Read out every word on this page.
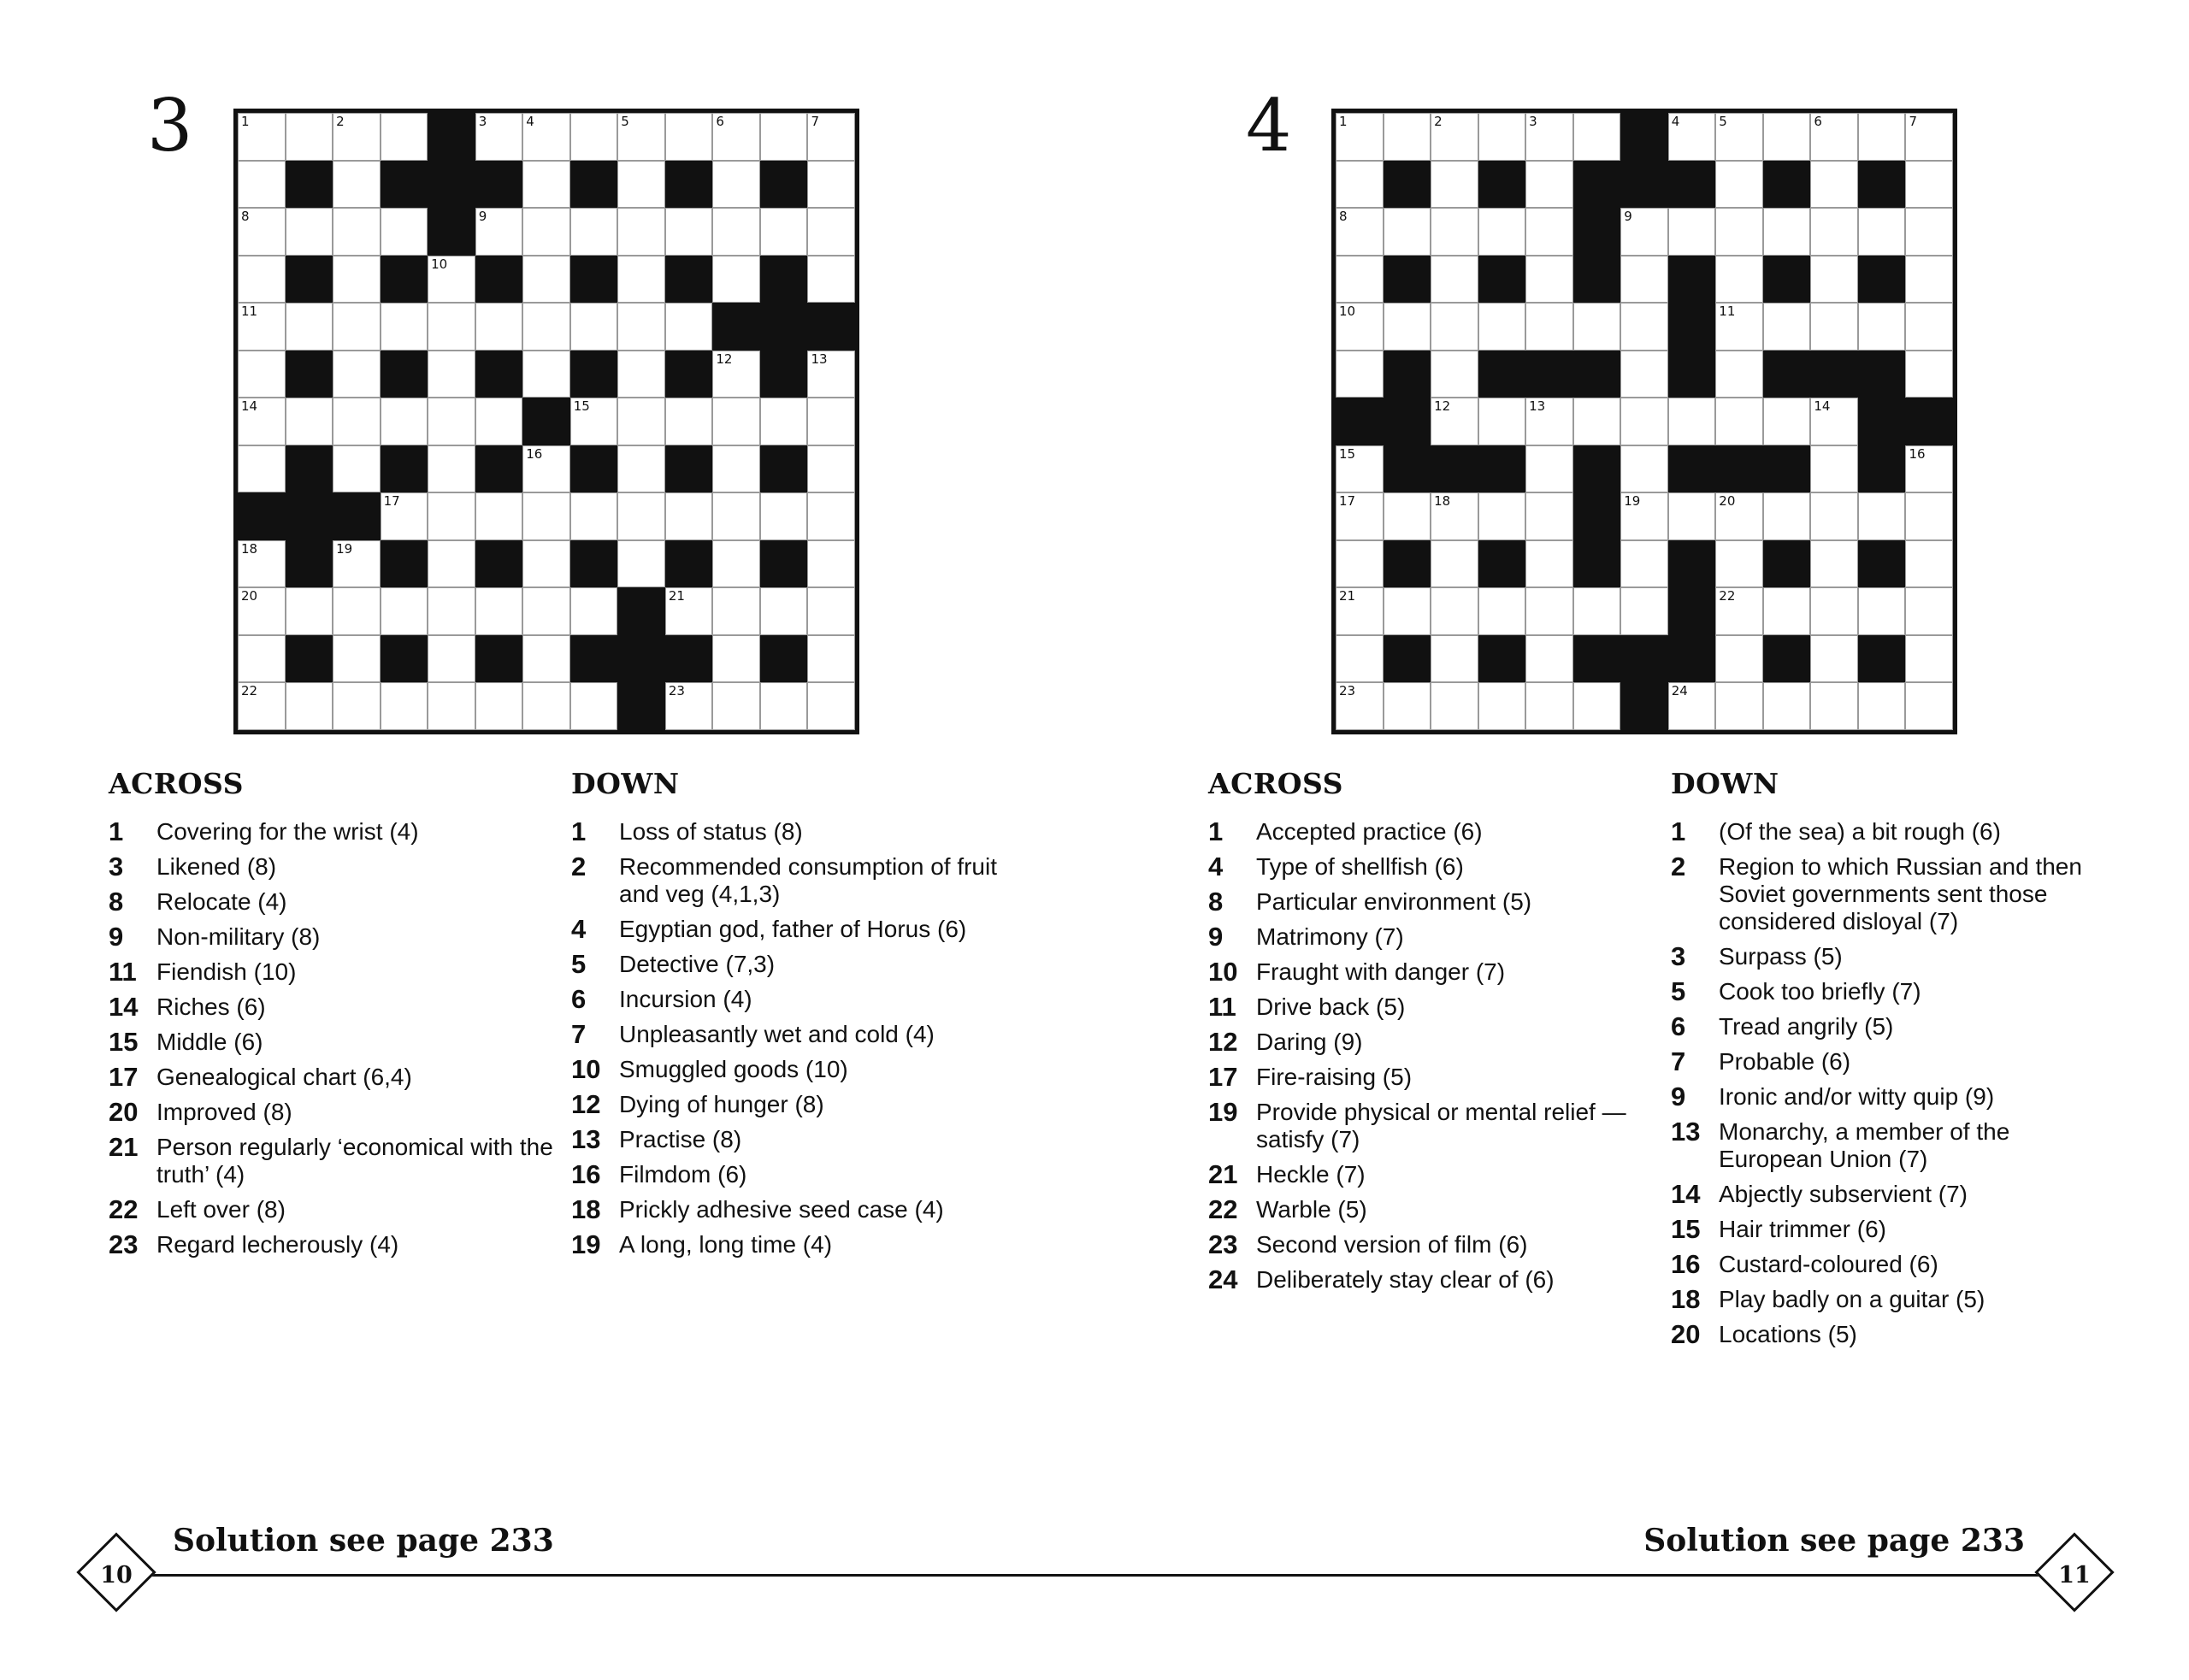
3	1	2	3	4	5	6	7
8	9
10
11
12	13
14	15
16
17
18	19
20	21
22	23
ACROSS
1	Covering for the wrist (4)
3	Likened (8)
8	Relocate (4)
9	Non-military (8)
11 Fiendish (10)
14 Riches (6)
15 Middle (6)
17 Genealogical chart (6,4)
20 Improved (8)
21 Person regularly ‘economical with the truth’ (4)
22 Left over (8)
23 Regard lecherously (4)
DOWN
1	Loss of status (8)
2	Recommended consumption of fruit and veg (4,1,3)
4	Egyptian god, father of Horus (6)
5	Detective (7,3)
6	Incursion (4)
7	Unpleasantly wet and cold (4)
10 Smuggled goods (10)
12 Dying of hunger (8)
13 Practise (8)
16 Filmdom (6)
18 Prickly adhesive seed case (4)
19 A long, long time (4)
4	1	2	3	4	5	6	7
8	9
10	11
12	13	14
15	16
17	18	19	20
21	22
23	24
ACROSS
1	Accepted practice (6)
4	Type of shellfish (6)
8	Particular environment (5)
9	Matrimony (7)
10 Fraught with danger (7)
11 Drive back (5)
12 Daring (9)
17 Fire-raising (5)
19 Provide physical or mental relief — satisfy (7)
21 Heckle (7)
22 Warble (5)
23 Second version of film (6)
24 Deliberately stay clear of (6)
DOWN
1	(Of the sea) a bit rough (6)
2	Region to which Russian and then Soviet governments sent those considered disloyal (7)
3	Surpass (5)
5	Cook too briefly (7)
6	Tread angrily (5)
7	Probable (6)
9	Ironic and/or witty quip (9)
13 Monarchy, a member of the European Union (7)
14 Abjectly subservient (7)
15 Hair trimmer (6)
16 Custard-coloured (6)
18 Play badly on a guitar (5)
20 Locations (5)
Solution see page 233	Solution see page 233
10	11
